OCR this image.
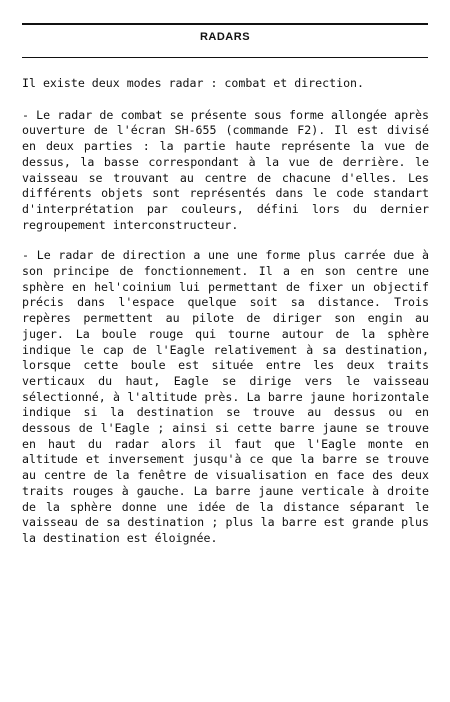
RADARS

Il existe deux modes radar : combat et direction.

- Le radar de combat se présente sous forme allongée après ouverture de l'écran SH-655 (commande F2). Il est divisé en deux parties : la partie haute représente la vue de dessus, la basse correspondant à la vue de derrière. le vaisseau se trouvant au centre de chacune d'elles. Les différents objets sont représentés dans le code standart d'interprétation par couleurs, défini lors du dernier regroupement interconstructeur.

- Le radar de direction a une une forme plus carrée due à son principe de fonctionnement. Il a en son centre une sphère en hel'coinium lui permettant de fixer un objectif précis dans l'espace quelque soit sa distance. Trois repères permettent au pilote de diriger son engin au juger. La boule rouge qui tourne autour de la sphère indique le cap de l'Eagle relativement à sa destination, lorsque cette boule est située entre les deux traits verticaux du haut, Eagle se dirige vers le vaisseau sélectionné, à l'altitude près. La barre jaune horizontale indique si la destination se trouve au dessus ou en dessous de l'Eagle ; ainsi si cette barre jaune se trouve en haut du radar alors il faut que l'Eagle monte en altitude et inversement jusqu'à ce que la barre se trouve au centre de la fenêtre de visualisation en face des deux traits rouges à gauche. La barre jaune verticale à droite de la sphère donne une idée de la distance séparant le vaisseau de sa destination ; plus la barre est grande plus la destination est éloignée.
